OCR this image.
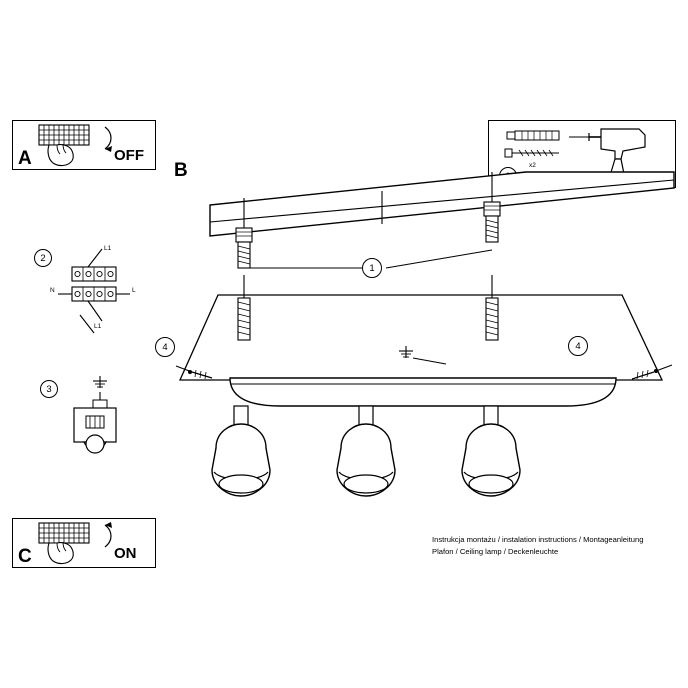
A	OFF
2
L1
N	L
L1
3
C	ON
x2
B
1
4	4
Instrukcja montażu / instalation instructions / Montageanleitung
Plafon / Ceiling lamp / Deckenleuchte
